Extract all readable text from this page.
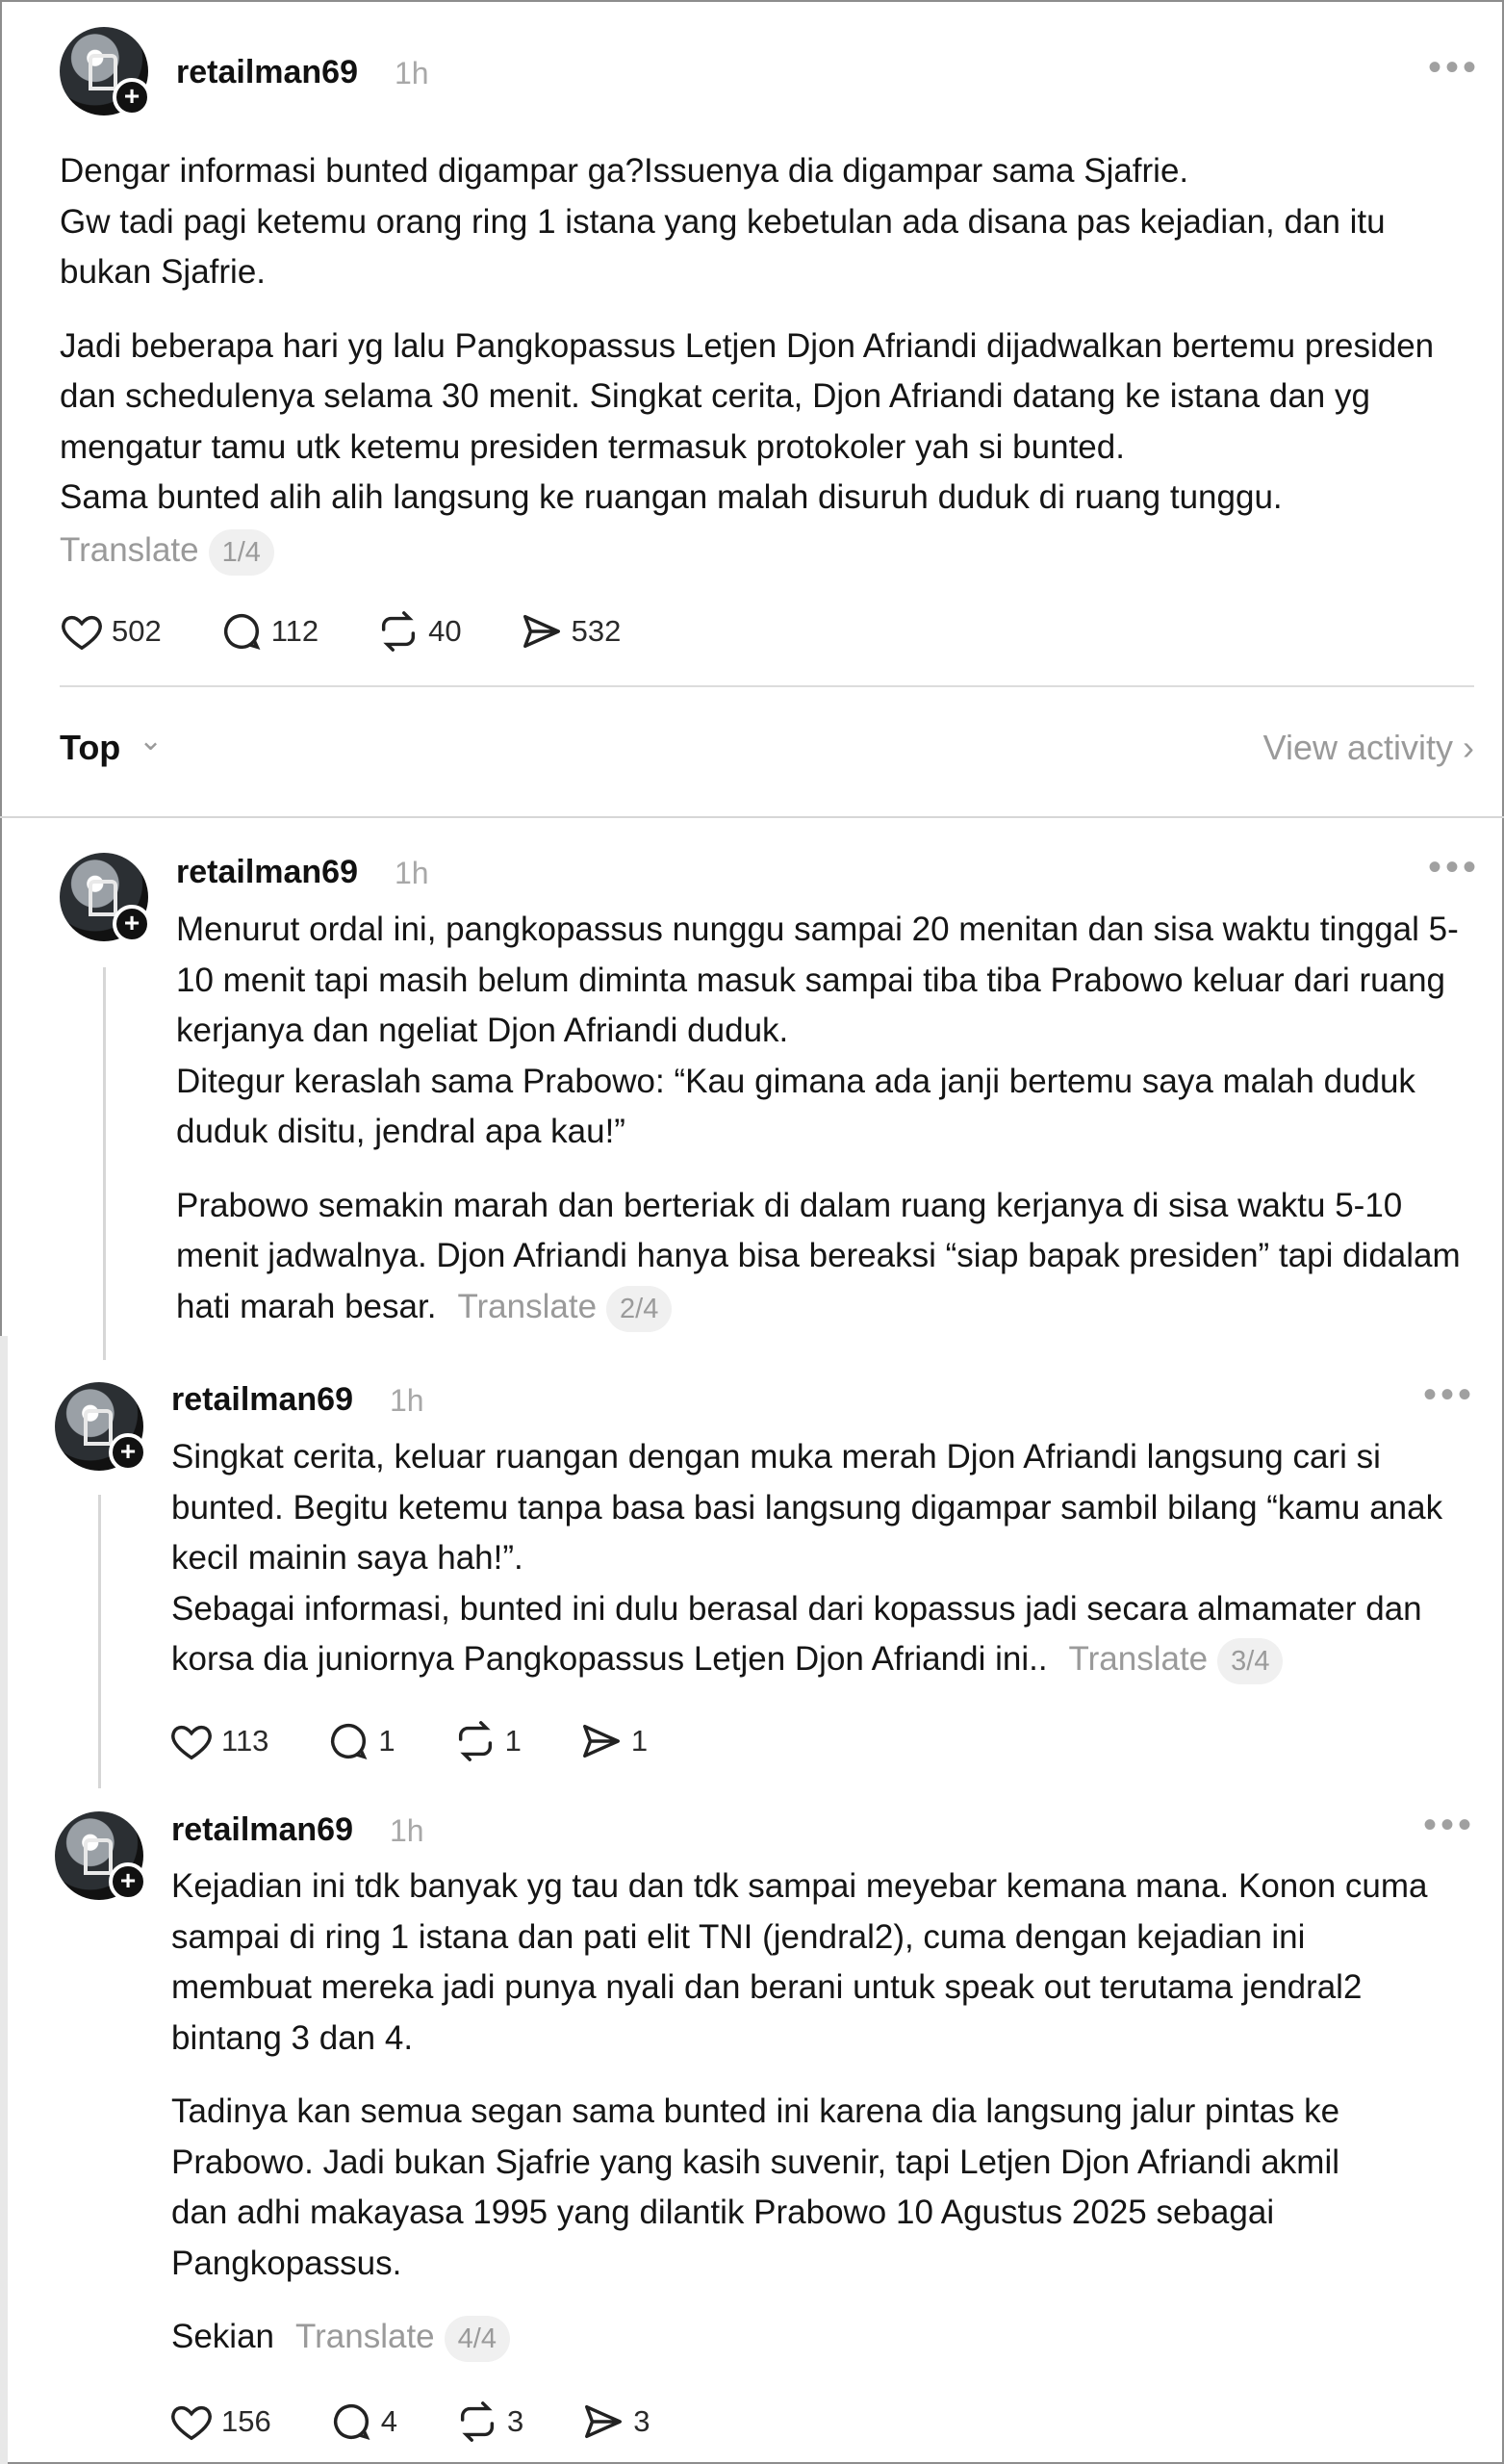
+
retailman69 1h	•••

Dengar informasi bunted digampar ga?Issuenya dia digampar sama Sjafrie.
Gw tadi pagi ketemu orang ring 1 istana yang kebetulan ada disana pas kejadian, dan itu bukan Sjafrie.

Jadi beberapa hari yg lalu Pangkopassus Letjen Djon Afriandi dijadwalkan bertemu presiden dan schedulenya selama 30 menit. Singkat cerita, Djon Afriandi datang ke istana dan yg mengatur tamu utk ketemu presiden termasuk protokoler yah si bunted.
Sama bunted alih alih langsung ke ruangan malah disuruh duduk di ruang tunggu.

Translate 1/4
502	112	40	532
Top ⌄	View activity ›
+
retailman69 1h	•••

Menurut ordal ini, pangkopassus nunggu sampai 20 menitan dan sisa waktu tinggal 5-10 menit tapi masih belum diminta masuk sampai tiba tiba Prabowo keluar dari ruang kerjanya dan ngeliat Djon Afriandi duduk.
Ditegur keraslah sama Prabowo: “Kau gimana ada janji bertemu saya malah duduk duduk disitu, jendral apa kau!”

Prabowo semakin marah dan berteriak di dalam ruang kerjanya di sisa waktu 5-10 menit jadwalnya. Djon Afriandi hanya bisa bereaksi “siap bapak presiden” tapi didalam hati marah besar. Translate 2/4

+
retailman69 1h	•••

Singkat cerita, keluar ruangan dengan muka merah Djon Afriandi langsung cari si bunted. Begitu ketemu tanpa basa basi langsung digampar sambil bilang “kamu anak kecil mainin saya hah!”.
Sebagai informasi, bunted ini dulu berasal dari kopassus jadi secara almamater dan korsa dia juniornya Pangkopassus Letjen Djon Afriandi ini.. Translate 3/4

113	1	1	1
+
retailman69 1h	•••

Kejadian ini tdk banyak yg tau dan tdk sampai meyebar kemana mana. Konon cuma sampai di ring 1 istana dan pati elit TNI (jendral2), cuma dengan kejadian ini membuat mereka jadi punya nyali dan berani untuk speak out terutama jendral2 bintang 3 dan 4.

Tadinya kan semua segan sama bunted ini karena dia langsung jalur pintas ke Prabowo. Jadi bukan Sjafrie yang kasih suvenir, tapi Letjen Djon Afriandi akmil dan adhi makayasa 1995 yang dilantik Prabowo 10 Agustus 2025 sebagai Pangkopassus.

Sekian Translate 4/4

156	4	3	3
